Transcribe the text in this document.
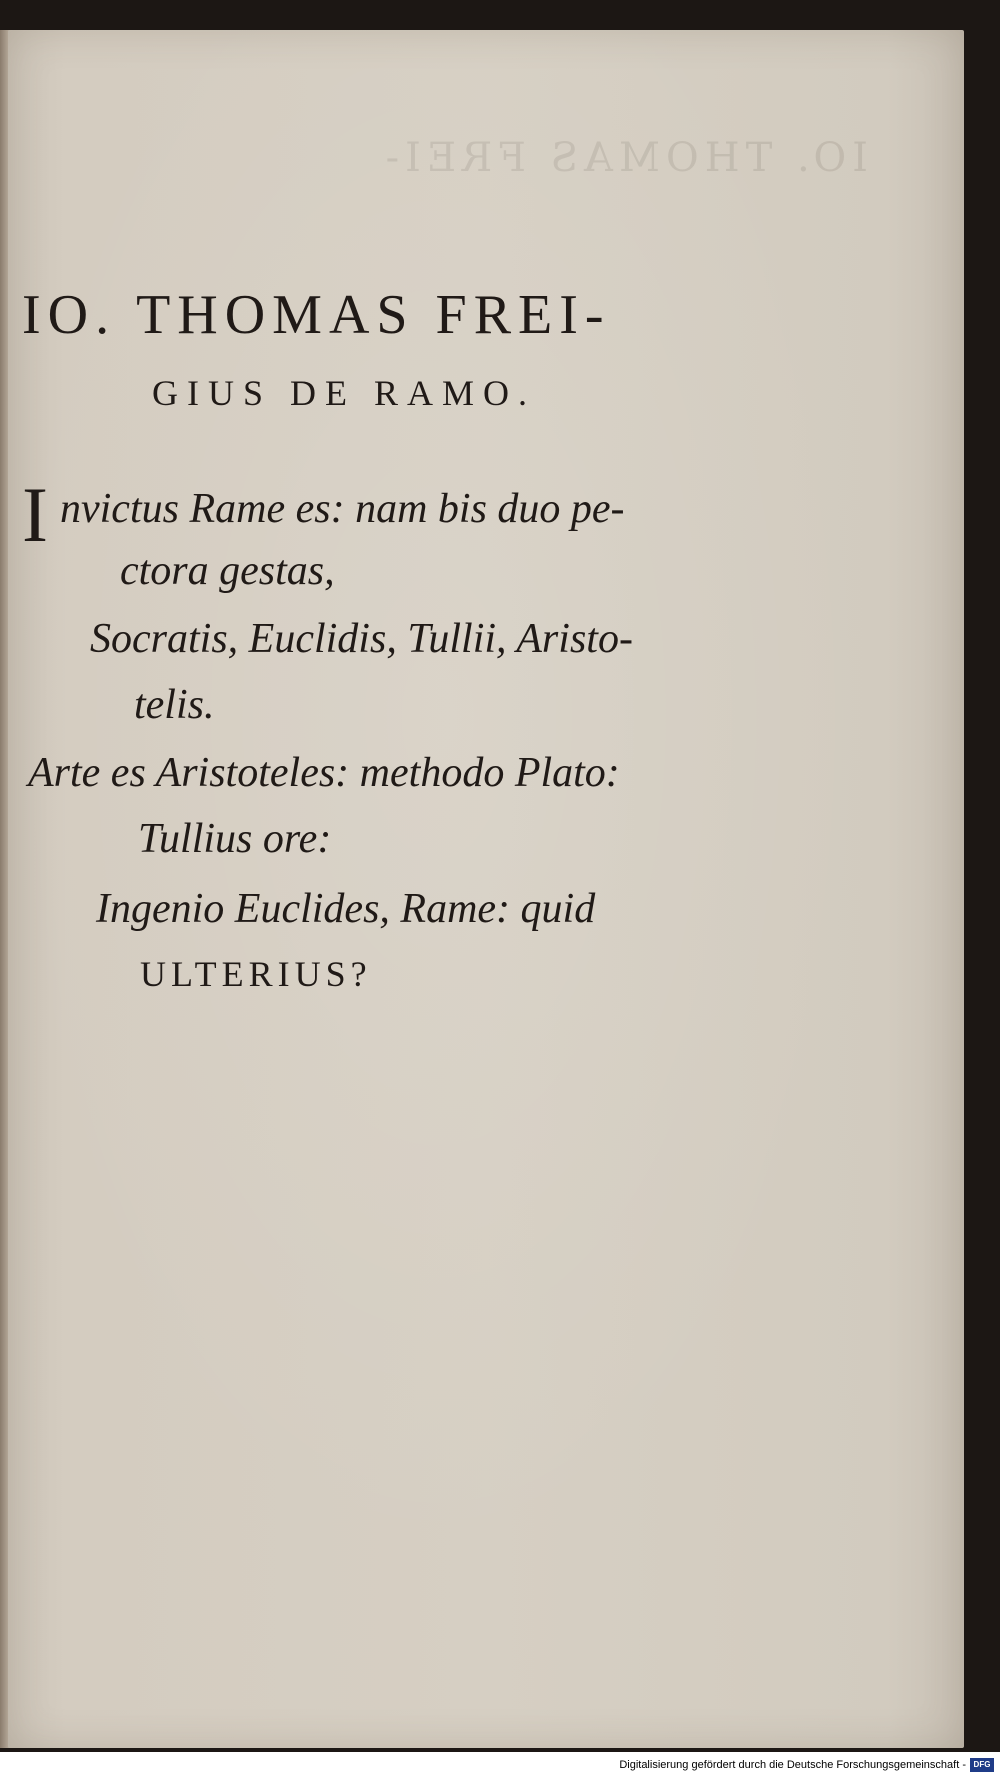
IO. THOMAS FREI-
IO. THOMAS FREI-
GIUS DE RAMO.
I nvictus Rame es: nam bis duo pe-
ctora gestas,
Socratis, Euclidis, Tullii, Aristo-
telis.
Arte es Aristoteles: methodo Plato:
Tullius ore:
Ingenio Euclides, Rame: quid
ULTERIUS?
Digitalisierung gefördert durch die Deutsche Forschungsgemeinschaft - DFG
